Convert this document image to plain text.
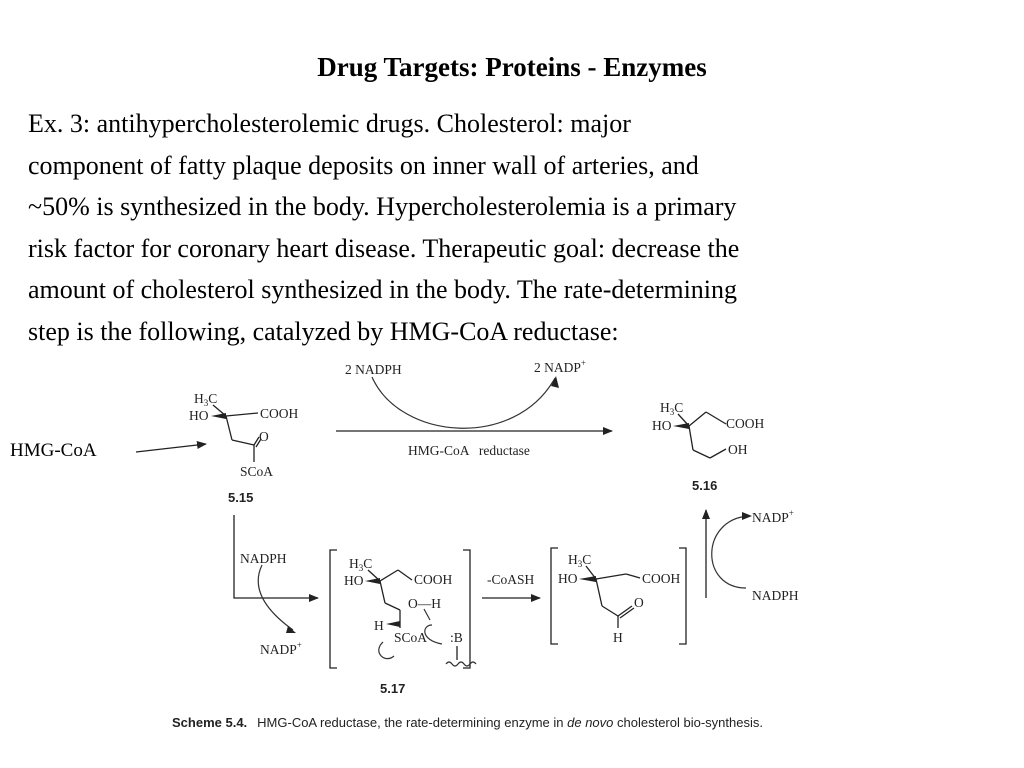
Drug Targets: Proteins - Enzymes

Ex. 3: antihypercholesterolemic drugs. Cholesterol: major
component of fatty plaque deposits on inner wall of arteries, and
~50% is synthesized in the body. Hypercholesterolemia is a primary
risk factor for coronary heart disease. Therapeutic goal: decrease the
amount of cholesterol synthesized in the body. The rate-determining
step is the following, catalyzed by HMG-CoA reductase:

HMG-CoA
$H_3C$
HO	COOH
O
SCoA
5.15
2 NADPH	2 NADP+
HMG-CoA   reductase
$H_3C$
HO	COOH
OH
5.16
NADPH
NADP+
$H_3C$
HO	COOH
O—H
H
SCoA :B
5.17
-CoASH
$H_3C$
HO	COOH
O
H
NADP+
NADPH
Scheme 5.4. HMG-CoA reductase, the rate-determining enzyme in de novo cholesterol bio-synthesis.
